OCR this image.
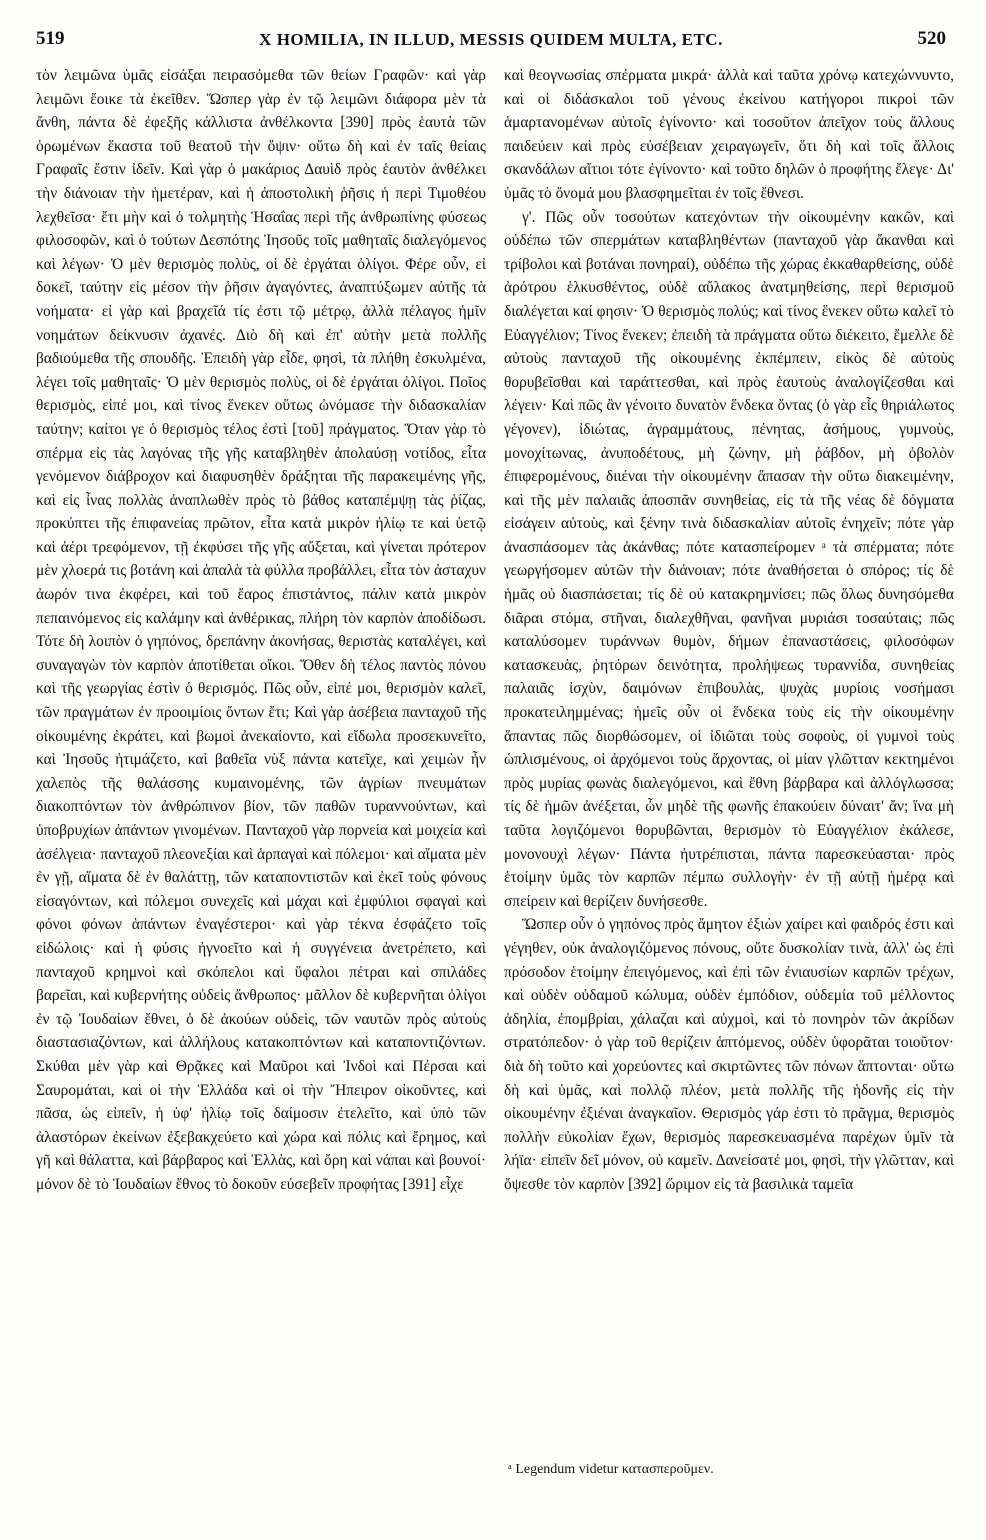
519	X HOMILIA, IN ILLUD, MESSIS QUIDEM MULTA, ETC.	520

τὸν λειμῶνα ὑμᾶς εἰσάξαι πειρασόμεθα τῶν θείων Γραφῶν· καὶ γὰρ λειμῶνι ἔοικε τὰ ἐκεῖθεν. Ὥσπερ γὰρ ἐν τῷ λειμῶνι διάφορα μὲν τὰ ἄνθη, πάντα δὲ ἐφεξῆς κάλλιστα ἀνθέλκοντα [390] πρὸς ἑαυτὰ τῶν ὁρωμένων ἕκαστα τοῦ θεατοῦ τὴν ὄψιν· οὕτω δὴ καὶ ἐν ταῖς θείαις Γραφαῖς ἔστιν ἰδεῖν. Καὶ γὰρ ὁ μακάριος Δαυὶδ πρὸς ἑαυτὸν ἀνθέλκει τὴν διάνοιαν τὴν ἡμετέραν, καὶ ἡ ἀποστολικὴ ῥῆσις ἡ περὶ Τιμοθέου λεχθεῖσα· ἔτι μὴν καὶ ὁ τολμητὴς Ἡσαΐας περὶ τῆς ἀνθρωπίνης φύσεως φιλοσοφῶν, καὶ ὁ τούτων Δεσπότης Ἰησοῦς τοῖς μαθηταῖς διαλεγόμενος καὶ λέγων· Ὁ μὲν θερισμὸς πολὺς, οἱ δὲ ἐργάται ὀλίγοι. Φέρε οὖν, εἰ δοκεῖ, ταύτην εἰς μέσον τὴν ῥῆσιν ἀγαγόντες, ἀναπτύξωμεν αὐτῆς τὰ νοήματα· εἰ γὰρ καὶ βραχεῖά τίς ἐστι τῷ μέτρῳ, ἀλλὰ πέλαγος ἡμῖν νοημάτων δείκνυσιν ἀχανές. Διὸ δὴ καὶ ἐπ' αὐτὴν μετὰ πολλῆς βαδιούμεθα τῆς σπουδῆς. Ἐπειδὴ γὰρ εἶδε, φησὶ, τὰ πλήθη ἐσκυλμένα, λέγει τοῖς μαθηταῖς· Ὁ μὲν θερισμὸς πολὺς, οἱ δὲ ἐργάται ὀλίγοι. Ποῖος θερισμὸς, εἰπέ μοι, καὶ τίνος ἕνεκεν οὕτως ὠνόμασε τὴν διδασκαλίαν ταύτην; καίτοι γε ὁ θερισμὸς τέλος ἐστὶ [τοῦ] πράγματος. Ὅταν γὰρ τὸ σπέρμα εἰς τὰς λαγόνας τῆς γῆς καταβληθὲν ἀπολαύσῃ νοτίδος, εἶτα γενόμενον διάβροχον καὶ διαφυσηθὲν δράξηται τῆς παρακειμένης γῆς, καὶ εἰς ἶνας πολλὰς ἀναπλωθὲν πρὸς τὸ βάθος καταπέμψῃ τὰς ῥίζας, προκύπτει τῆς ἐπιφανείας πρῶτον, εἶτα κατὰ μικρὸν ἡλίῳ τε καὶ ὑετῷ καὶ ἀέρι τρεφόμενον, τῇ ἐκφύσει τῆς γῆς αὔξεται, καὶ γίνεται πρότερον μὲν χλοερά τις βοτάνη καὶ ἁπαλὰ τὰ φύλλα προβάλλει, εἶτα τὸν ἀσταχυν ἀωρόν τινα ἐκφέρει, καὶ τοῦ ἔαρος ἐπιστάντος, πάλιν κατὰ μικρὸν πεπαινόμενος εἰς καλάμην καὶ ἀνθέρικας, πλήρη τὸν καρπὸν ἀποδίδωσι. Τότε δὴ λοιπὸν ὁ γηπόνος, δρεπάνην ἀκονήσας, θεριστὰς καταλέγει, καὶ συναγαγὼν τὸν καρπὸν ἀποτίθεται οἴκοι. Ὅθεν δὴ τέλος παντὸς πόνου καὶ τῆς γεωργίας ἐστὶν ὁ θερισμός. Πῶς οὖν, εἰπέ μοι, θερισμὸν καλεῖ, τῶν πραγμάτων ἐν προοιμίοις ὄντων ἔτι; Καὶ γὰρ ἀσέβεια πανταχοῦ τῆς οἰκουμένης ἐκράτει, καὶ βωμοὶ ἀνεκαίοντο, καὶ εἴδωλα προσεκυνεῖτο, καὶ Ἰησοῦς ἠτιμάζετο, καὶ βαθεῖα νὺξ πάντα κατεῖχε, καὶ χειμὼν ἦν χαλεπὸς τῆς θαλάσσης κυμαινομένης, τῶν ἀγρίων πνευμάτων διακοπτόντων τὸν ἀνθρώπινον βίον, τῶν παθῶν τυραννούντων, καὶ ὑποβρυχίων ἁπάντων γινομένων. Πανταχοῦ γὰρ πορνεία καὶ μοιχεία καὶ ἀσέλγεια· πανταχοῦ πλεονεξίαι καὶ ἁρπαγαὶ καὶ πόλεμοι· καὶ αἵματα μὲν ἐν γῇ, αἵματα δὲ ἐν θαλάττῃ, τῶν καταποντιστῶν καὶ ἐκεῖ τοὺς φόνους εἰσαγόντων, καὶ πόλεμοι συνεχεῖς καὶ μάχαι καὶ ἐμφύλιοι σφαγαὶ καὶ φόνοι φόνων ἁπάντων ἐναγέστεροι· καὶ γὰρ τέκνα ἐσφάζετο τοῖς εἰδώλοις· καὶ ἡ φύσις ἠγνοεῖτο καὶ ἡ συγγένεια ἀνετρέπετο, καὶ πανταχοῦ κρημνοὶ καὶ σκόπελοι καὶ ὕφαλοι πέτραι καὶ σπιλάδες βαρεῖαι, καὶ κυβερνήτης οὐδεὶς ἄνθρωπος· μᾶλλον δὲ κυβερνῆται ὀλίγοι ἐν τῷ Ἰουδαίων ἔθνει, ὁ δὲ ἀκούων οὐδεὶς, τῶν ναυτῶν πρὸς αὐτοὺς διαστασιαζόντων, καὶ ἀλλήλους κατακοπτόντων καὶ καταποντιζόντων. Σκύθαι μὲν γὰρ καὶ Θρᾷκες καὶ Μαῦροι καὶ Ἰνδοὶ καὶ Πέρσαι καὶ Σαυρομάται, καὶ οἱ τὴν Ἑλλάδα καὶ οἱ τὴν Ἤπειρον οἰκοῦντες, καὶ πᾶσα, ὡς εἰπεῖν, ἡ ὑφ' ἡλίῳ τοῖς δαίμοσιν ἐτελεῖτο, καὶ ὑπὸ τῶν ἀλαστόρων ἐκείνων ἐξεβακχεύετο καὶ χώρα καὶ πόλις καὶ ἔρημος, καὶ γῆ καὶ θάλαττα, καὶ βάρβαρος καὶ Ἑλλὰς, καὶ ὄρη καὶ νάπαι καὶ βουνοί· μόνον δὲ τὸ Ἰουδαίων ἔθνος τὸ δοκοῦν εὐσεβεῖν προφήτας [391] εἶχε

καὶ θεογνωσίας σπέρματα μικρά· ἀλλὰ καὶ ταῦτα χρόνῳ κατεχώννυντο, καὶ οἱ διδάσκαλοι τοῦ γένους ἐκείνου κατήγοροι πικροὶ τῶν ἁμαρτανομένων αὐτοῖς ἐγίνοντο· καὶ τοσοῦτον ἀπεῖχον τοὺς ἄλλους παιδεύειν καὶ πρὸς εὐσέβειαν χειραγωγεῖν, ὅτι δὴ καὶ τοῖς ἄλλοις σκανδάλων αἴτιοι τότε ἐγίνοντο· καὶ τοῦτο δηλῶν ὁ προφήτης ἔλεγε· Δι' ὑμᾶς τὸ ὄνομά μου βλασφημεῖται ἐν τοῖς ἔθνεσι.

γ'. Πῶς οὖν τοσούτων κατεχόντων τὴν οἰκουμένην κακῶν, καὶ οὐδέπω τῶν σπερμάτων καταβληθέντων (πανταχοῦ γὰρ ἄκανθαι καὶ τρίβολοι καὶ βοτάναι πονηραί), οὐδέπω τῆς χώρας ἐκκαθαρθείσης, οὐδὲ ἀρότρου ἑλκυσθέντος, οὐδὲ αὔλακος ἀνατμηθείσης, περὶ θερισμοῦ διαλέγεται καί φησιν· Ὁ θερισμὸς πολύς; καὶ τίνος ἕνεκεν οὕτω καλεῖ τὸ Εὐαγγέλιον; Τίνος ἕνεκεν; ἐπειδὴ τὰ πράγματα οὕτω διέκειτο, ἔμελλε δὲ αὐτοὺς πανταχοῦ τῆς οἰκουμένης ἐκπέμπειν, εἰκὸς δὲ αὐτοὺς θορυβεῖσθαι καὶ ταράττεσθαι, καὶ πρὸς ἑαυτοὺς ἀναλογίζεσθαι καὶ λέγειν· Καὶ πῶς ἂν γένοιτο δυνατὸν ἕνδεκα ὄντας (ὁ γὰρ εἷς θηριάλωτος γέγονεν), ἰδιώτας, ἀγραμμάτους, πένητας, ἀσήμους, γυμνοὺς, μονοχίτωνας, ἀνυποδέτους, μὴ ζώνην, μὴ ῥάβδον, μὴ ὀβολὸν ἐπιφερομένους, διιέναι τὴν οἰκουμένην ἅπασαν τὴν οὕτω διακειμένην, καὶ τῆς μὲν παλαιᾶς ἀποσπᾶν συνηθείας, εἰς τὰ τῆς νέας δὲ δόγματα εἰσάγειν αὐτοὺς, καὶ ξένην τινὰ διδασκαλίαν αὐτοῖς ἐνηχεῖν; πότε γὰρ ἀνασπάσομεν τὰς ἀκάνθας; πότε κατασπείρομεν ᵃ τὰ σπέρματα; πότε γεωργήσομεν αὐτῶν τὴν διάνοιαν; πότε ἀναθήσεται ὁ σπόρος; τίς δὲ ἡμᾶς οὐ διασπάσεται; τίς δὲ οὐ κατακρημνίσει; πῶς ὅλως δυνησόμεθα διᾶραι στόμα, στῆναι, διαλεχθῆναι, φανῆναι μυριάσι τοσαύταις; πῶς καταλύσομεν τυράννων θυμὸν, δήμων ἐπαναστάσεις, φιλοσόφων κατασκευὰς, ῥητόρων δεινότητα, προλήψεως τυραννίδα, συνηθείας παλαιᾶς ἰσχὺν, δαιμόνων ἐπιβουλὰς, ψυχὰς μυρίοις νοσήμασι προκατειλημμένας; ἡμεῖς οὖν οἱ ἕνδεκα τοὺς εἰς τὴν οἰκουμένην ἅπαντας πῶς διορθώσομεν, οἱ ἰδιῶται τοὺς σοφοὺς, οἱ γυμνοὶ τοὺς ὡπλισμένους, οἱ ἀρχόμενοι τοὺς ἄρχοντας, οἱ μίαν γλῶτταν κεκτημένοι πρὸς μυρίας φωνὰς διαλεγόμενοι, καὶ ἔθνη βάρβαρα καὶ ἀλλόγλωσσα; τίς δὲ ἡμῶν ἀνέξεται, ὧν μηδὲ τῆς φωνῆς ἐπακούειν δύναιτ' ἄν; ἵνα μὴ ταῦτα λογιζόμενοι θορυβῶνται, θερισμὸν τὸ Εὐαγγέλιον ἐκάλεσε, μονονουχὶ λέγων· Πάντα ἠυτρέπισται, πάντα παρεσκεύασται· πρὸς ἑτοίμην ὑμᾶς τὸν καρπῶν πέμπω συλλογὴν· ἐν τῇ αὐτῇ ἡμέρᾳ καὶ σπείρειν καὶ θερίζειν δυνήσεσθε.

Ὥσπερ οὖν ὁ γηπόνος πρὸς ἄμητον ἐξιὼν χαίρει καὶ φαιδρός ἐστι καὶ γέγηθεν, οὐκ ἀναλογιζόμενος πόνους, οὔτε δυσκολίαν τινὰ, ἀλλ' ὡς ἐπὶ πρόσοδον ἑτοίμην ἐπειγόμενος, καὶ ἐπὶ τῶν ἐνιαυσίων καρπῶν τρέχων, καὶ οὐδὲν οὐδαμοῦ κώλυμα, οὐδὲν ἐμπόδιον, οὐδεμία τοῦ μέλλοντος ἀδηλία, ἐπομβρίαι, χάλαζαι καὶ αὐχμοὶ, καὶ τὸ πονηρὸν τῶν ἀκρίδων στρατόπεδον· ὁ γὰρ τοῦ θερίζειν ἁπτόμενος, οὐδὲν ὑφορᾶται τοιοῦτον· διὰ δὴ τοῦτο καὶ χορεύοντες καὶ σκιρτῶντες τῶν πόνων ἅπτονται· οὕτω δὴ καὶ ὑμᾶς, καὶ πολλῷ πλέον, μετὰ πολλῆς τῆς ἡδονῆς εἰς τὴν οἰκουμένην ἐξιέναι ἀναγκαῖον. Θερισμὸς γάρ ἐστι τὸ πρᾶγμα, θερισμὸς πολλὴν εὐκολίαν ἔχων, θερισμὸς παρεσκευασμένα παρέχων ὑμῖν τὰ λήϊα· εἰπεῖν δεῖ μόνον, οὐ καμεῖν. Δανείσατέ μοι, φησὶ, τὴν γλῶτταν, καὶ ὄψεσθε τὸν καρπὸν [392] ὥριμον εἰς τὰ βασιλικὰ ταμεῖα

ᵃ Legendum videtur κατασπεροῦμεν.
